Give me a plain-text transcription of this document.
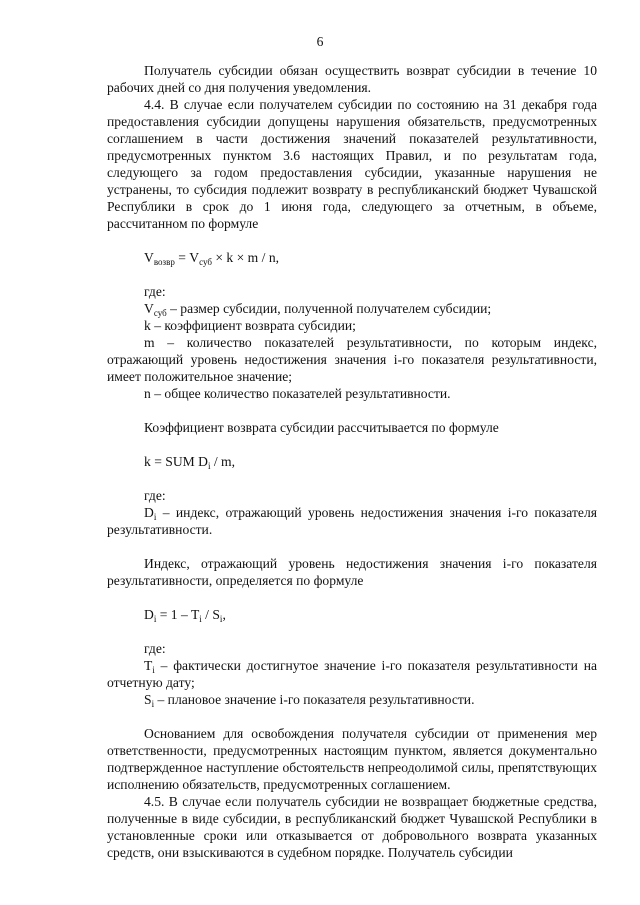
6

Получатель субсидии обязан осуществить возврат субсидии в течение 10 рабочих дней со дня получения уведомления.

4.4. В случае если получателем субсидии по состоянию на 31 декабря года предоставления субсидии допущены нарушения обязательств, предусмотренных соглашением в части достижения значений показателей результативности, предусмотренных пунктом 3.6 настоящих Правил, и по результатам года, следующего за годом предоставления субсидии, указанные нарушения не устранены, то субсидия подлежит возврату в республиканский бюджет Чувашской Республики в срок до 1 июня года, следующего за отчетным, в объеме, рассчитанном по формуле

$V_{возвр} = V_{суб} \times k \times m / n$,

где:

$V_{суб}$ – размер субсидии, полученной получателем субсидии;

k – коэффициент возврата субсидии;

m – количество показателей результативности, по которым индекс, отражающий уровень недостижения значения i-го показателя результативности, имеет положительное значение;

n – общее количество показателей результативности.

Коэффициент возврата субсидии рассчитывается по формуле

k = SUM $D_i$ / m,

где:

$D_i$ – индекс, отражающий уровень недостижения значения i-го показателя результативности.

Индекс, отражающий уровень недостижения значения i-го показателя результативности, определяется по формуле

$D_i = 1 - T_i / S_i$,

где:

$T_i$ – фактически достигнутое значение i-го показателя результативности на отчетную дату;

$S_i$ – плановое значение i-го показателя результативности.

Основанием для освобождения получателя субсидии от применения мер ответственности, предусмотренных настоящим пунктом, является документально подтвержденное наступление обстоятельств непреодолимой силы, препятствующих исполнению обязательств, предусмотренных соглашением.

4.5. В случае если получатель субсидии не возвращает бюджетные средства, полученные в виде субсидии, в республиканский бюджет Чувашской Республики в установленные сроки или отказывается от добровольного возврата указанных средств, они взыскиваются в судебном порядке. Получатель субсидии
